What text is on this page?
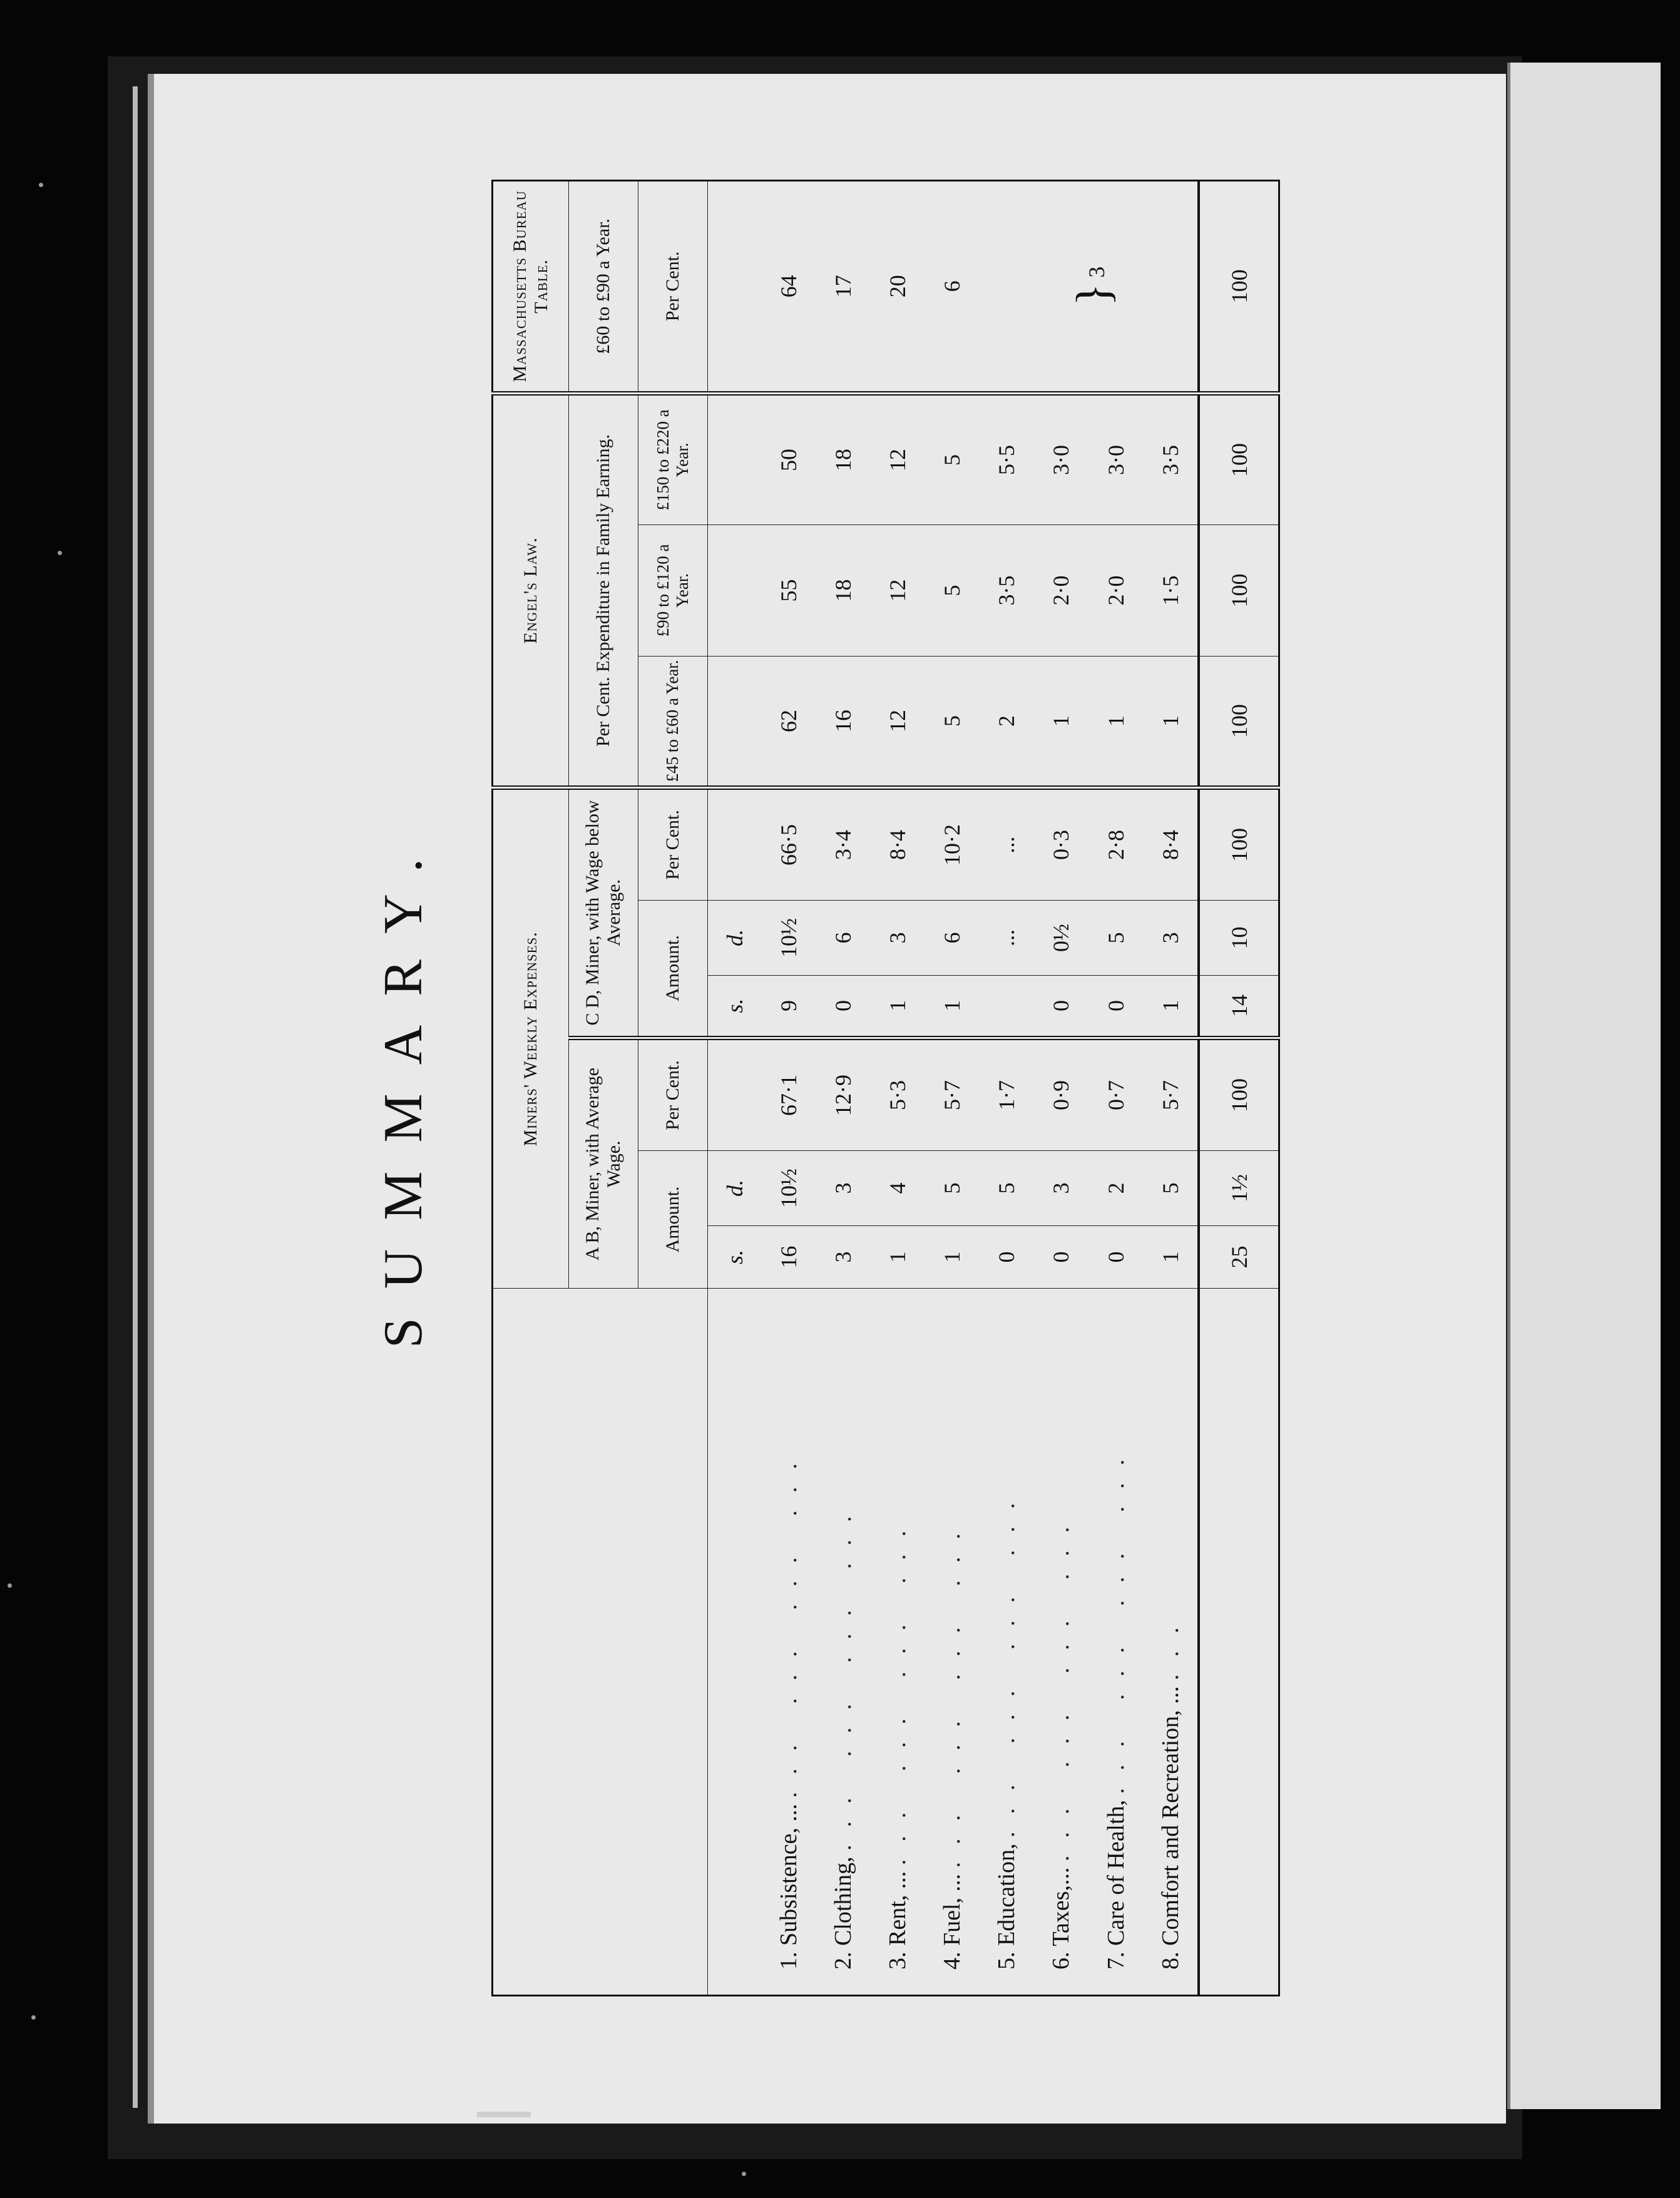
SUMMARY.
		Miners' Weekly Expenses.						Engel's Law.			Massachusetts Bureau Table.
	A B, Miner, with Average Wage.			C D, Miner, with Wage below Average.			Per Cent. Expenditure in Family Earning.			£60 to £90 a Year.
	Amount.		Per Cent.	Amount.		Per Cent.	£45 to £60 a Year.	£90 to £120 a Year.	£150 to £220 a Year.	Per Cent.
	s.	d.		s.	d.					
1. Subsistence, ... ... ... ... ...	16	10½	67·1	9	10½	66·5	62	55	50	64
2. Clothing, ... ... ... ...	3	3	12·9	0	6	3·4	16	18	18	17
3. Rent, ... ... ... ... ...	1	4	5·3	1	3	8·4	12	12	12	20
4. Fuel, ... ... ... ... ...	1	5	5·7	1	6	10·2	5	5	5	6
5. Education, ... ... ... ...	0	5	1·7		...	...	2	3·5	5·5	} 3
6. Taxes,... ... ... ... ...	0	3	0·9	0	0½	0·3	1	2·0	3·0	
7. Care of Health, ... ... ... ...	0	2	0·7	0	5	2·8	1	2·0	3·0	
8. Comfort and Recreation, ... ...	1	5	5·7	1	3	8·4	1	1·5	3·5	
	25	1½	100	14	10	100	100	100	100	100
